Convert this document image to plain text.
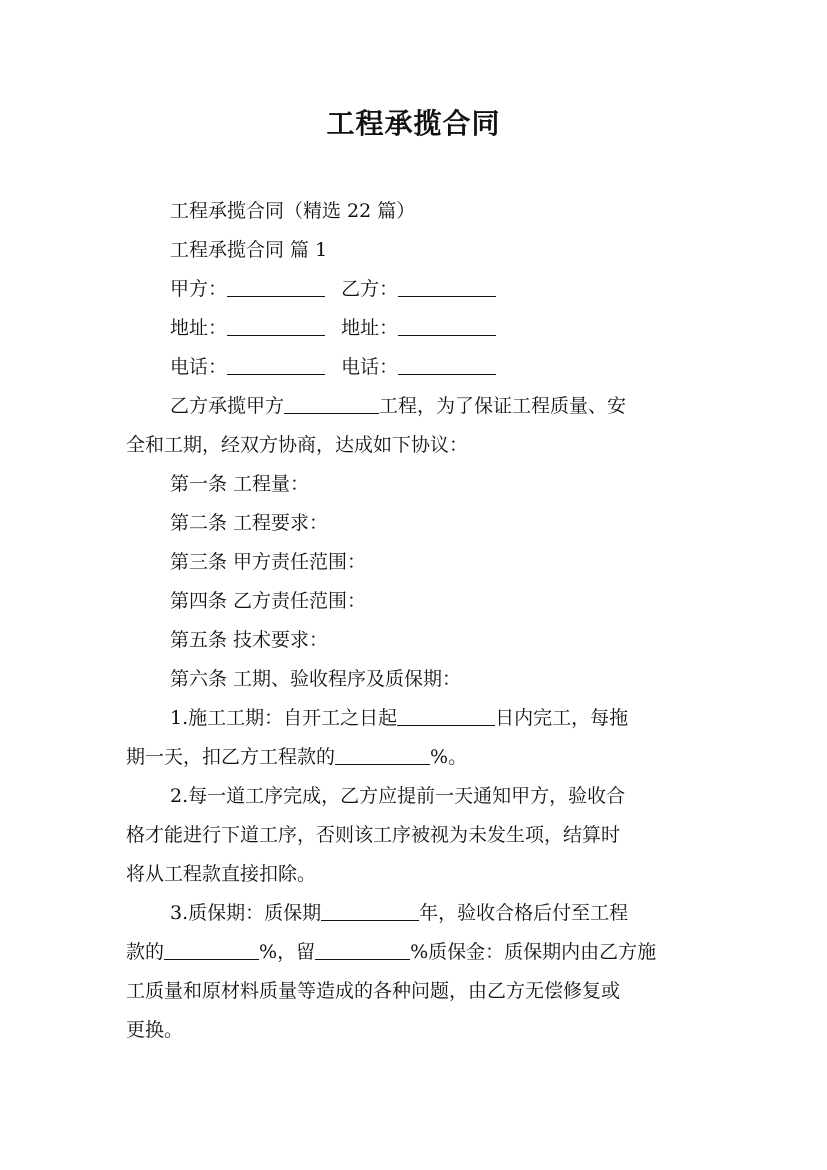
工程承揽合同
工程承揽合同（精选 22 篇）
工程承揽合同 篇 1
甲方：	乙方：
地址：	地址：
电话：	电话：
乙方承揽甲方	工程，为了保证工程质量、安
全和工期，经双方协商，达成如下协议：
第一条 工程量：
第二条 工程要求：
第三条 甲方责任范围：
第四条 乙方责任范围：
第五条 技术要求：
第六条 工期、验收程序及质保期：
1.施工工期：自开工之日起	日内完工，每拖
期一天，扣乙方工程款的	%。
2.每一道工序完成，乙方应提前一天通知甲方，验收合
格才能进行下道工序，否则该工序被视为未发生项，结算时
将从工程款直接扣除。
3.质保期：质保期	年，验收合格后付至工程
款的	%，留	%质保金：质保期内由乙方施
工质量和原材料质量等造成的各种问题，由乙方无偿修复或
更换。
